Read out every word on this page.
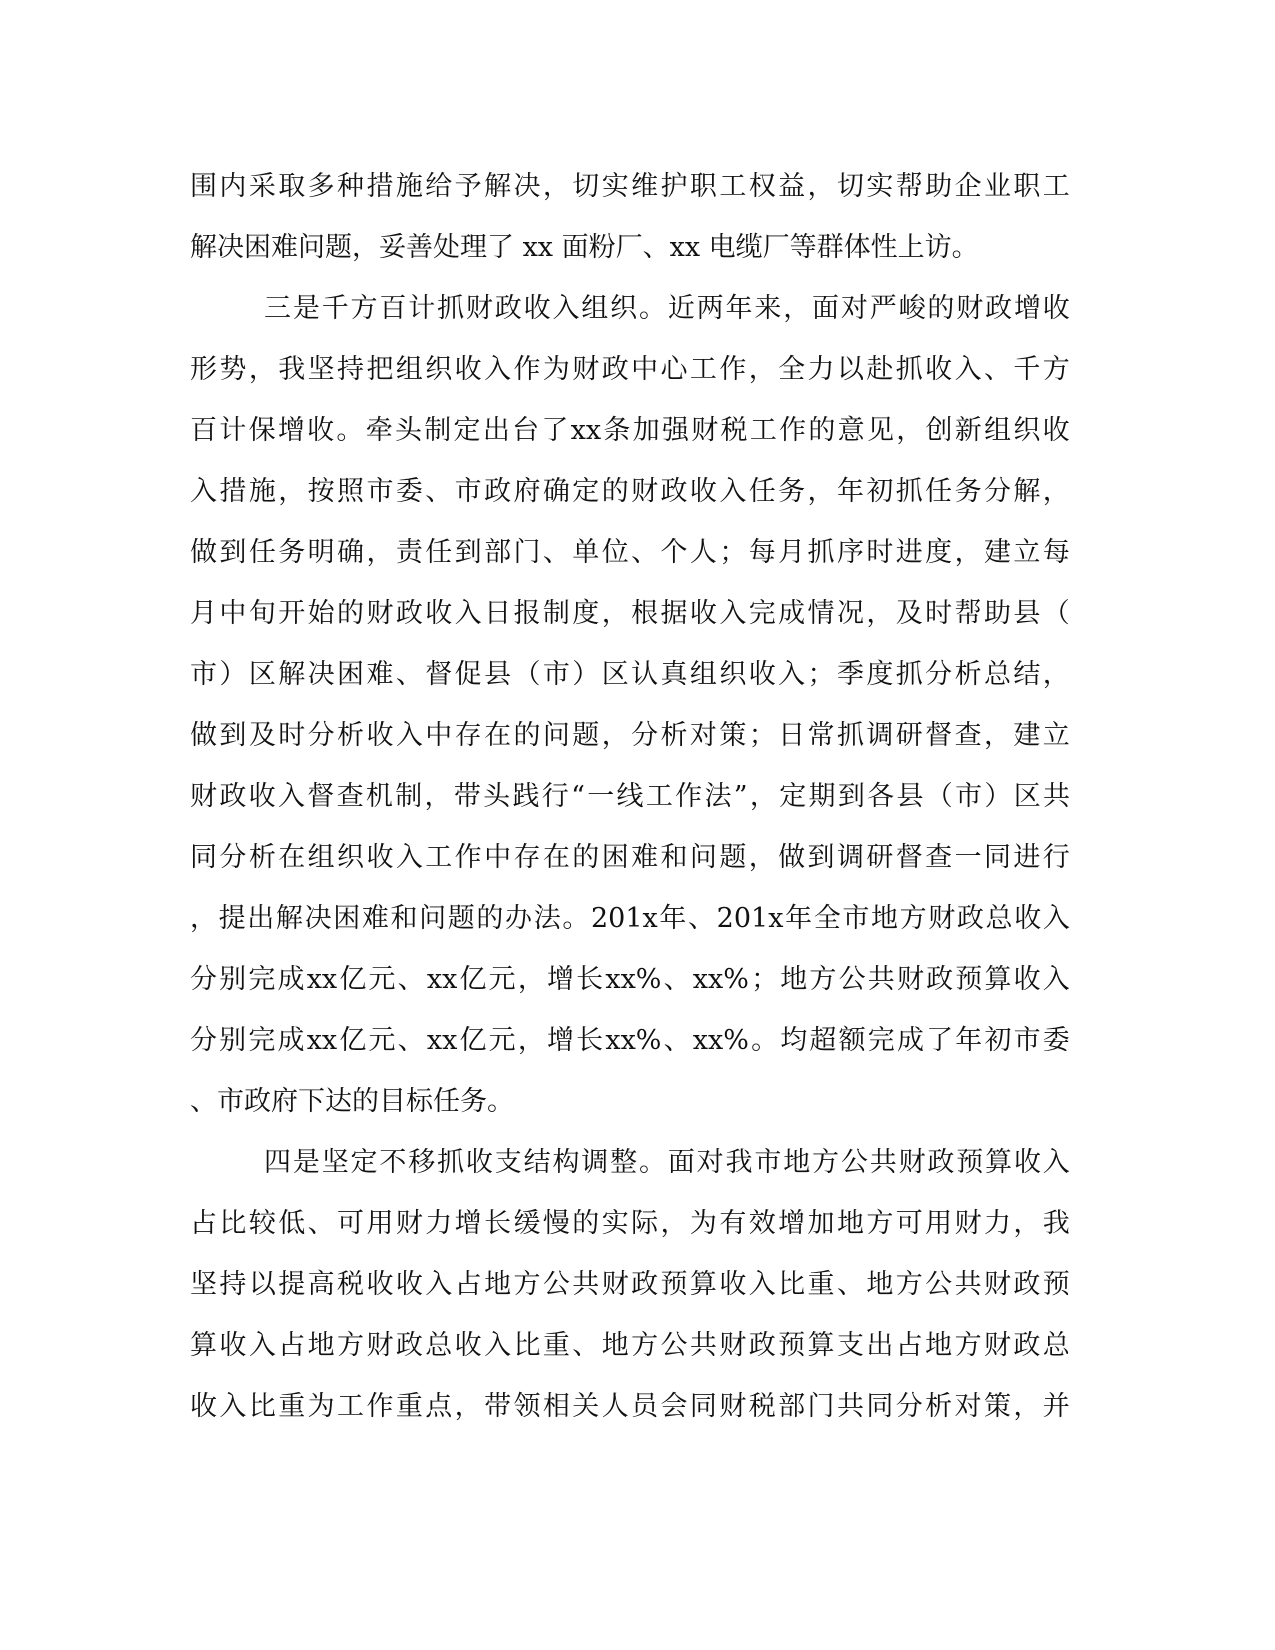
围 内 采 取 多 种 措 施 给 予 解 决 ， 切 实 维 护 职 工 权 益 ， 切 实 帮 助 企 业 职 工
解决困难问题，妥善处理了 xx 面粉厂、xx 电缆厂等群体性上访。
三 是 千 方 百 计 抓 财 政 收 入 组 织 。 近 两 年 来 ， 面 对 严 峻 的 财 政 增 收
形 势 ， 我 坚 持 把 组 织 收 入 作 为 财 政 中 心 工 作 ， 全 力 以 赴 抓 收 入 、 千 方
百 计 保 增 收 。 牵 头 制 定 出 台 了 xx 条 加 强 财 税 工 作 的 意 见 ， 创 新 组 织 收
入 措 施 ， 按 照 市 委 、 市 政 府 确 定 的 财 政 收 入 任 务 ， 年 初 抓 任 务 分 解 ，
做 到 任 务 明 确 ， 责 任 到 部 门 、 单 位 、 个 人 ； 每 月 抓 序 时 进 度 ， 建 立 每
月 中 旬 开 始 的 财 政 收 入 日 报 制 度 ， 根 据 收 入 完 成 情 况 ， 及 时 帮 助 县 （
市 ） 区 解 决 困 难 、 督 促 县 （ 市 ） 区 认 真 组 织 收 入 ； 季 度 抓 分 析 总 结 ，
做 到 及 时 分 析 收 入 中 存 在 的 问 题 ， 分 析 对 策 ； 日 常 抓 调 研 督 查 ， 建 立
财 政 收 入 督 查 机 制 ， 带 头 践 行 “ 一 线 工 作 法 ” ， 定 期 到 各 县 （ 市 ） 区 共
同 分 析 在 组 织 收 入 工 作 中 存 在 的 困 难 和 问 题 ， 做 到 调 研 督 查 一 同 进 行
， 提 出 解 决 困 难 和 问 题 的 办 法 。 201x 年 、 201x 年 全 市 地 方 财 政 总 收 入
分 别 完 成 xx 亿 元 、 xx 亿 元 ， 增 长 xx% 、 xx% ； 地 方 公 共 财 政 预 算 收 入
分 别 完 成 xx 亿 元 、 xx 亿 元 ， 增 长 xx% 、 xx% 。 均 超 额 完 成 了 年 初 市 委
、市政府下达的目标任务。
四 是 坚 定 不 移 抓 收 支 结 构 调 整 。 面 对 我 市 地 方 公 共 财 政 预 算 收 入
占 比 较 低 、 可 用 财 力 增 长 缓 慢 的 实 际 ， 为 有 效 增 加 地 方 可 用 财 力 ， 我
坚 持 以 提 高 税 收 收 入 占 地 方 公 共 财 政 预 算 收 入 比 重 、 地 方 公 共 财 政 预
算 收 入 占 地 方 财 政 总 收 入 比 重 、 地 方 公 共 财 政 预 算 支 出 占 地 方 财 政 总
收 入 比 重 为 工 作 重 点 ， 带 领 相 关 人 员 会 同 财 税 部 门 共 同 分 析 对 策 ， 并
